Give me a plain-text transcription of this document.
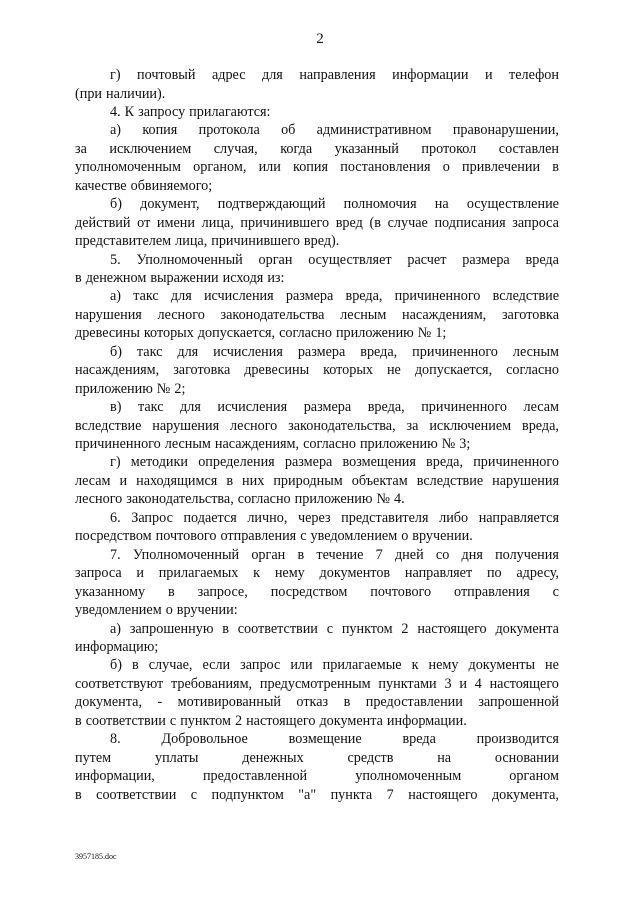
2
г) почтовый адрес для направления информации и телефон
(при наличии).
4. К запросу прилагаются:
а) копия протокола об административном правонарушении,
за исключением случая, когда указанный протокол составлен
уполномоченным органом, или копия постановления о привлечении в
качестве обвиняемого;
б) документ, подтверждающий полномочия на осуществление
действий от имени лица, причинившего вред (в случае подписания запроса
представителем лица, причинившего вред).
5. Уполномоченный орган осуществляет расчет размера вреда
в денежном выражении исходя из:
а) такс для исчисления размера вреда, причиненного вследствие
нарушения лесного законодательства лесным насаждениям, заготовка
древесины которых допускается, согласно приложению № 1;
б) такс для исчисления размера вреда, причиненного лесным
насаждениям, заготовка древесины которых не допускается, согласно
приложению № 2;
в) такс для исчисления размера вреда, причиненного лесам
вследствие нарушения лесного законодательства, за исключением вреда,
причиненного лесным насаждениям, согласно приложению № 3;
г) методики определения размера возмещения вреда, причиненного
лесам и находящимся в них природным объектам вследствие нарушения
лесного законодательства, согласно приложению № 4.
6. Запрос подается лично, через представителя либо направляется
посредством почтового отправления с уведомлением о вручении.
7. Уполномоченный орган в течение 7 дней со дня получения
запроса и прилагаемых к нему документов направляет по адресу,
указанному в запросе, посредством почтового отправления с
уведомлением о вручении:
а) запрошенную в соответствии с пунктом 2 настоящего документа
информацию;
б) в случае, если запрос или прилагаемые к нему документы не
соответствуют требованиям, предусмотренным пунктами 3 и 4 настоящего
документа, - мотивированный отказ в предоставлении запрошенной
в соответствии с пунктом 2 настоящего документа информации.
8.	Добровольное	возмещение	вреда	производится
путем	уплаты	денежных	средств	на	основании
информации,	предоставленной	уполномоченным	органом
в соответствии с подпунктом "а" пункта 7 настоящего документа,
3957185.doc
